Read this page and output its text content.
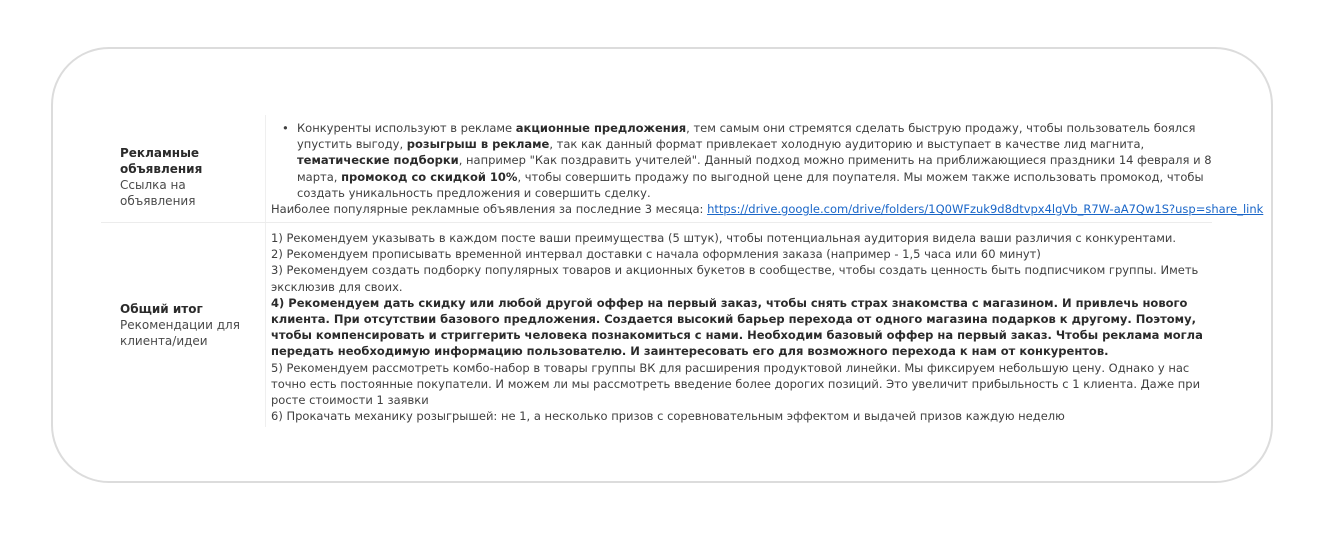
Рекламные объявления
Ссылка на объявления
• Конкуренты используют в рекламе акционные предложения, тем самым они стремятся сделать быструю продажу, чтобы пользователь боялся упустить выгоду, розыгрыш в рекламе, так как данный формат привлекает холодную аудиторию и выступает в качестве лид магнита, тематические подборки, например "Как поздравить учителей". Данный подход можно применить на приближающиеся праздники 14 февраля и 8 марта, промокод со скидкой 10%, чтобы совершить продажу по выгодной цене для поупателя. Мы можем также использовать промокод, чтобы создать уникальность предложения и совершить сделку.
Наиболее популярные рекламные объявления за последние 3 месяца: https://drive.google.com/drive/folders/1Q0WFzuk9d8dtvpx4lgVb_R7W-aA7Qw1S?usp=share_link
Общий итог
Рекомендации для клиента/идеи
1) Рекомендуем указывать в каждом посте ваши преимущества (5 штук), чтобы потенциальная аудитория видела ваши различия с конкурентами.
2) Рекомендуем прописывать временной интервал доставки с начала оформления заказа (например - 1,5 часа или 60 минут)
3) Рекомендуем создать подборку популярных товаров и акционных букетов в сообществе, чтобы создать ценность быть подписчиком группы. Иметь эксклюзив для своих.
4) Рекомендуем дать скидку или любой другой оффер на первый заказ, чтобы снять страх знакомства с магазином. И привлечь нового клиента. При отсутствии базового предложения. Создается высокий барьер перехода от одного магазина подарков к другому. Поэтому, чтобы компенсировать и стриггерить человека познакомиться с нами. Необходим базовый оффер на первый заказ. Чтобы реклама могла передать необходимую информацию пользователю. И заинтересовать его для возможного перехода к нам от конкурентов.
5) Рекомендуем рассмотреть комбо-набор в товары группы ВК для расширения продуктовой линейки. Мы фиксируем небольшую цену. Однако у нас точно есть постоянные покупатели. И можем ли мы рассмотреть введение более дорогих позиций. Это увеличит прибыльность с 1 клиента. Даже при росте стоимости 1 заявки
6) Прокачать механику розыгрышей: не 1, а несколько призов с соревновательным эффектом и выдачей призов каждую неделю
